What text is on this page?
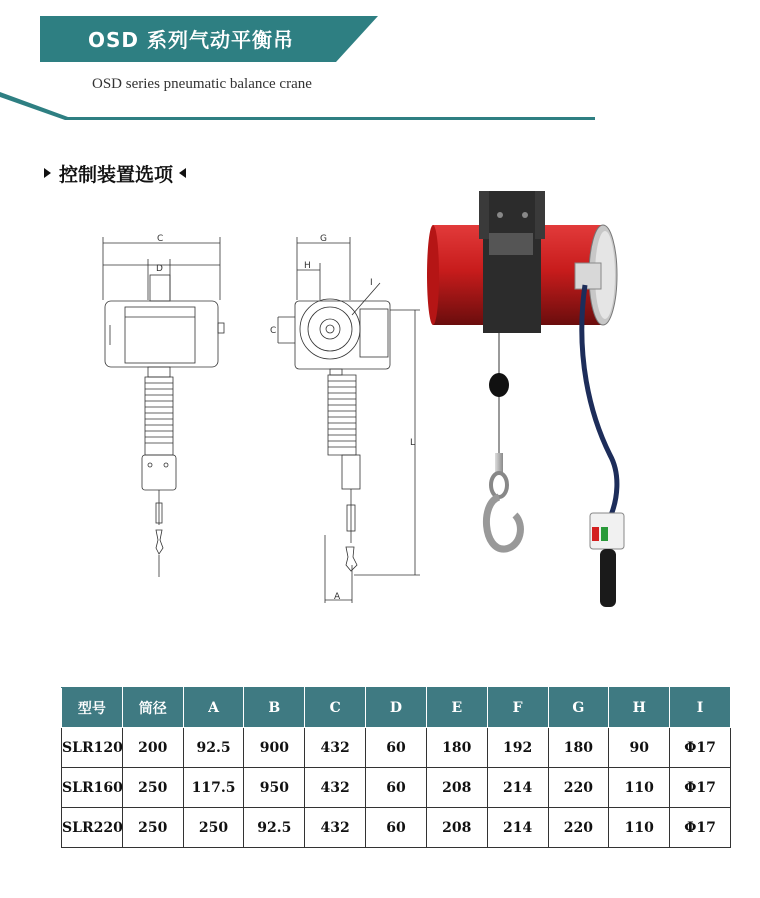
OSD 系列气动平衡吊
OSD series pneumatic balance crane
控制装置选项
C
D
G
H
I
C
L
A
型号	筒径	A	B	C	D	E	F	G	H	I
SLR120	200	92.5	900	432	60	180	192	180	90	Φ17
SLR160	250	117.5	950	432	60	208	214	220	110	Φ17
SLR220	250	250	92.5	432	60	208	214	220	110	Φ17
